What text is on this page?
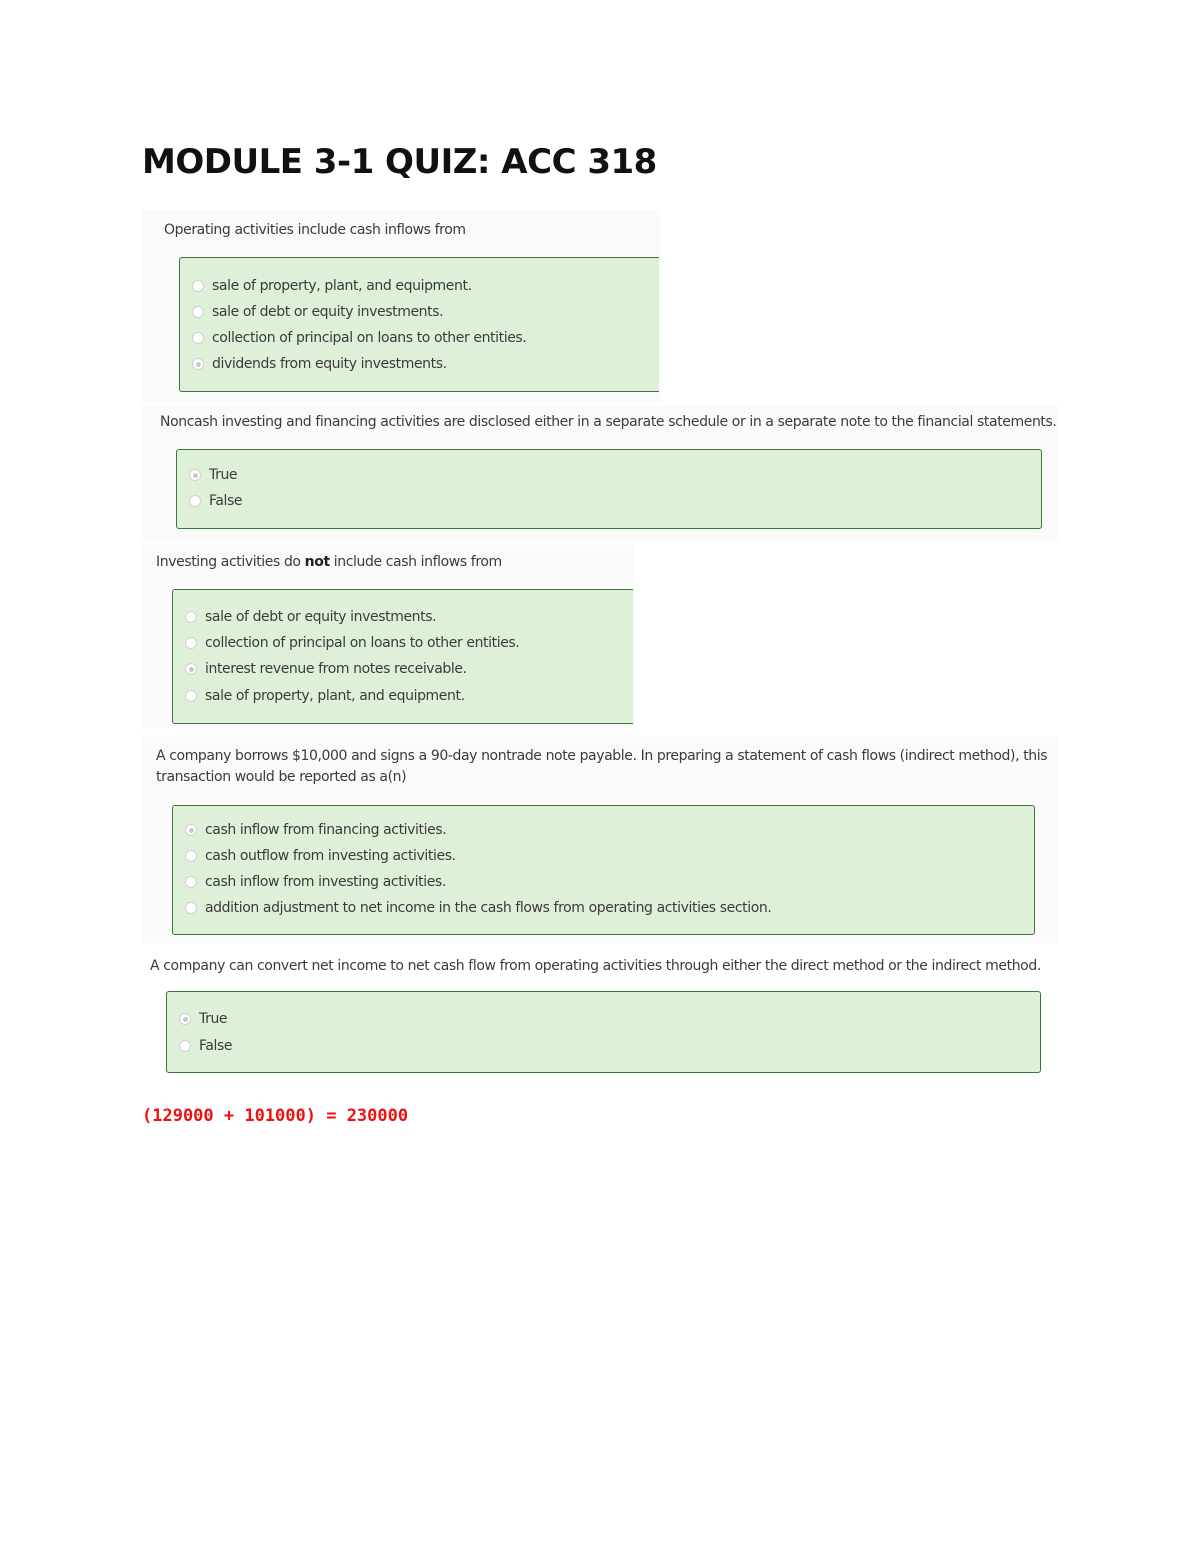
MODULE 3-1 QUIZ: ACC 318
Operating activities include cash inflows from
sale of property, plant, and equipment.
sale of debt or equity investments.
collection of principal on loans to other entities.
dividends from equity investments.
Noncash investing and financing activities are disclosed either in a separate schedule or in a separate note to the financial statements.
True
False
Investing activities do not include cash inflows from
sale of debt or equity investments.
collection of principal on loans to other entities.
interest revenue from notes receivable.
sale of property, plant, and equipment.
A company borrows $10,000 and signs a 90-day nontrade note payable. In preparing a statement of cash flows (indirect method), this
transaction would be reported as a(n)
cash inflow from financing activities.
cash outflow from investing activities.
cash inflow from investing activities.
addition adjustment to net income in the cash flows from operating activities section.
A company can convert net income to net cash flow from operating activities through either the direct method or the indirect method.
True
False
(129000 + 101000) = 230000
